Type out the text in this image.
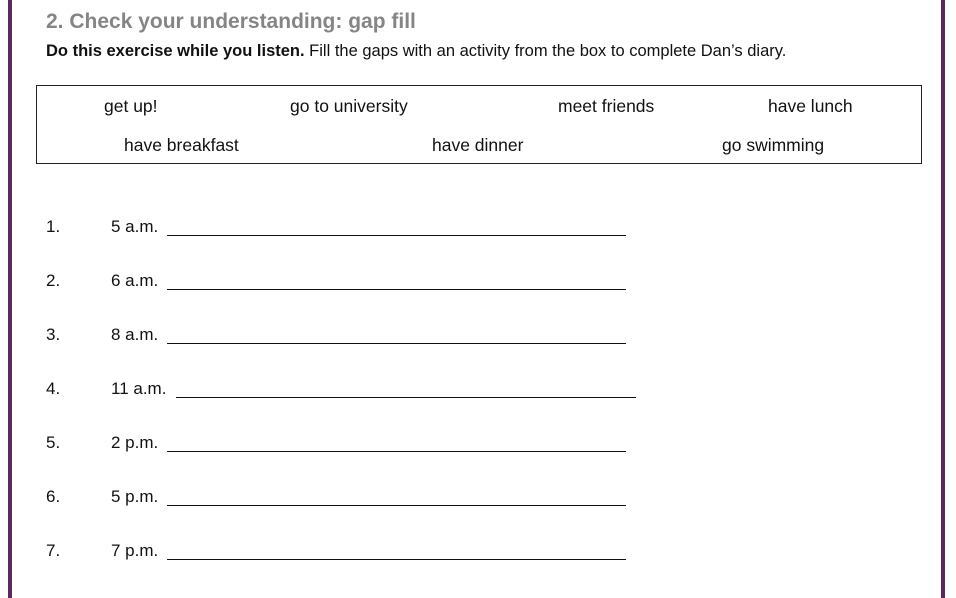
2. Check your understanding: gap fill

Do this exercise while you listen. Fill the gaps with an activity from the box to complete Dan’s diary.

get up!	go to university	meet friends	have lunch
have breakfast	have dinner	go swimming
1.	5 a.m.
2.	6 a.m.
3.	8 a.m.
4.	11 a.m.
5.	2 p.m.
6.	5 p.m.
7.	7 p.m.
